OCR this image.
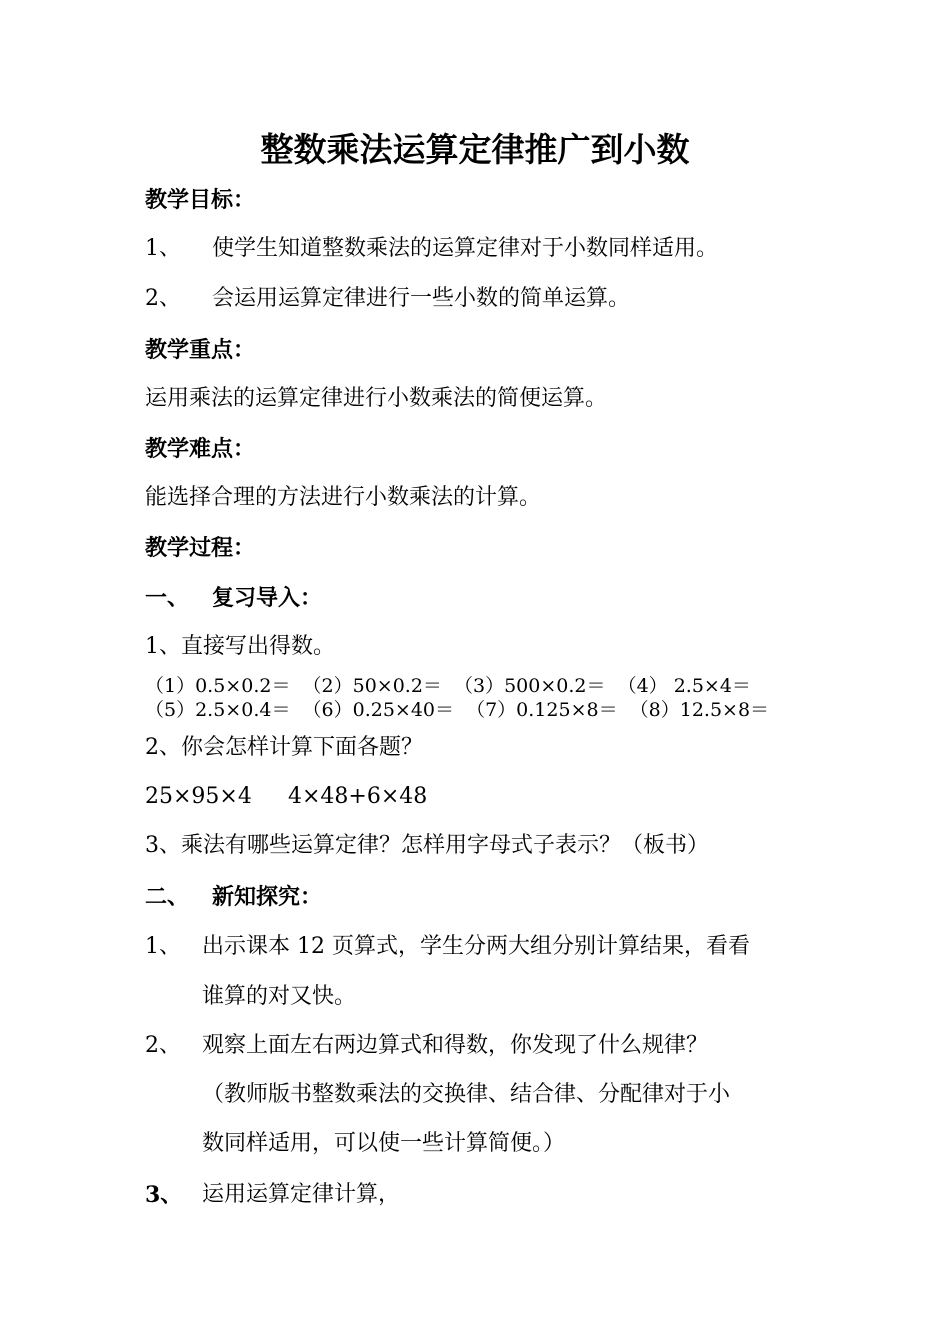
整数乘法运算定律推广到小数
教学目标：
1、 使学生知道整数乘法的运算定律对于小数同样适用。
2、 会运用运算定律进行一些小数的简单运算。
教学重点：
运用乘法的运算定律进行小数乘法的简便运算。
教学难点：
能选择合理的方法进行小数乘法的计算。
教学过程：
一、 复习导入：
1、直接写出得数。
（1）0.5×0.2＝  （2）50×0.2＝  （3）500×0.2＝  （4） 2.5×4＝
（5）2.5×0.4＝  （6）0.25×40＝  （7）0.125×8＝  （8）12.5×8＝
2、你会怎样计算下面各题？
25×95×4 4×48+6×48
3、乘法有哪些运算定律？怎样用字母式子表示？（板书）
二、 新知探究：
1、 出示课本 12 页算式，学生分两大组分别计算结果，看看
谁算的对又快。
2、 观察上面左右两边算式和得数，你发现了什么规律？
（教师版书整数乘法的交换律、结合律、分配律对于小
数同样适用，可以使一些计算简便。）
3、 运用运算定律计算，
